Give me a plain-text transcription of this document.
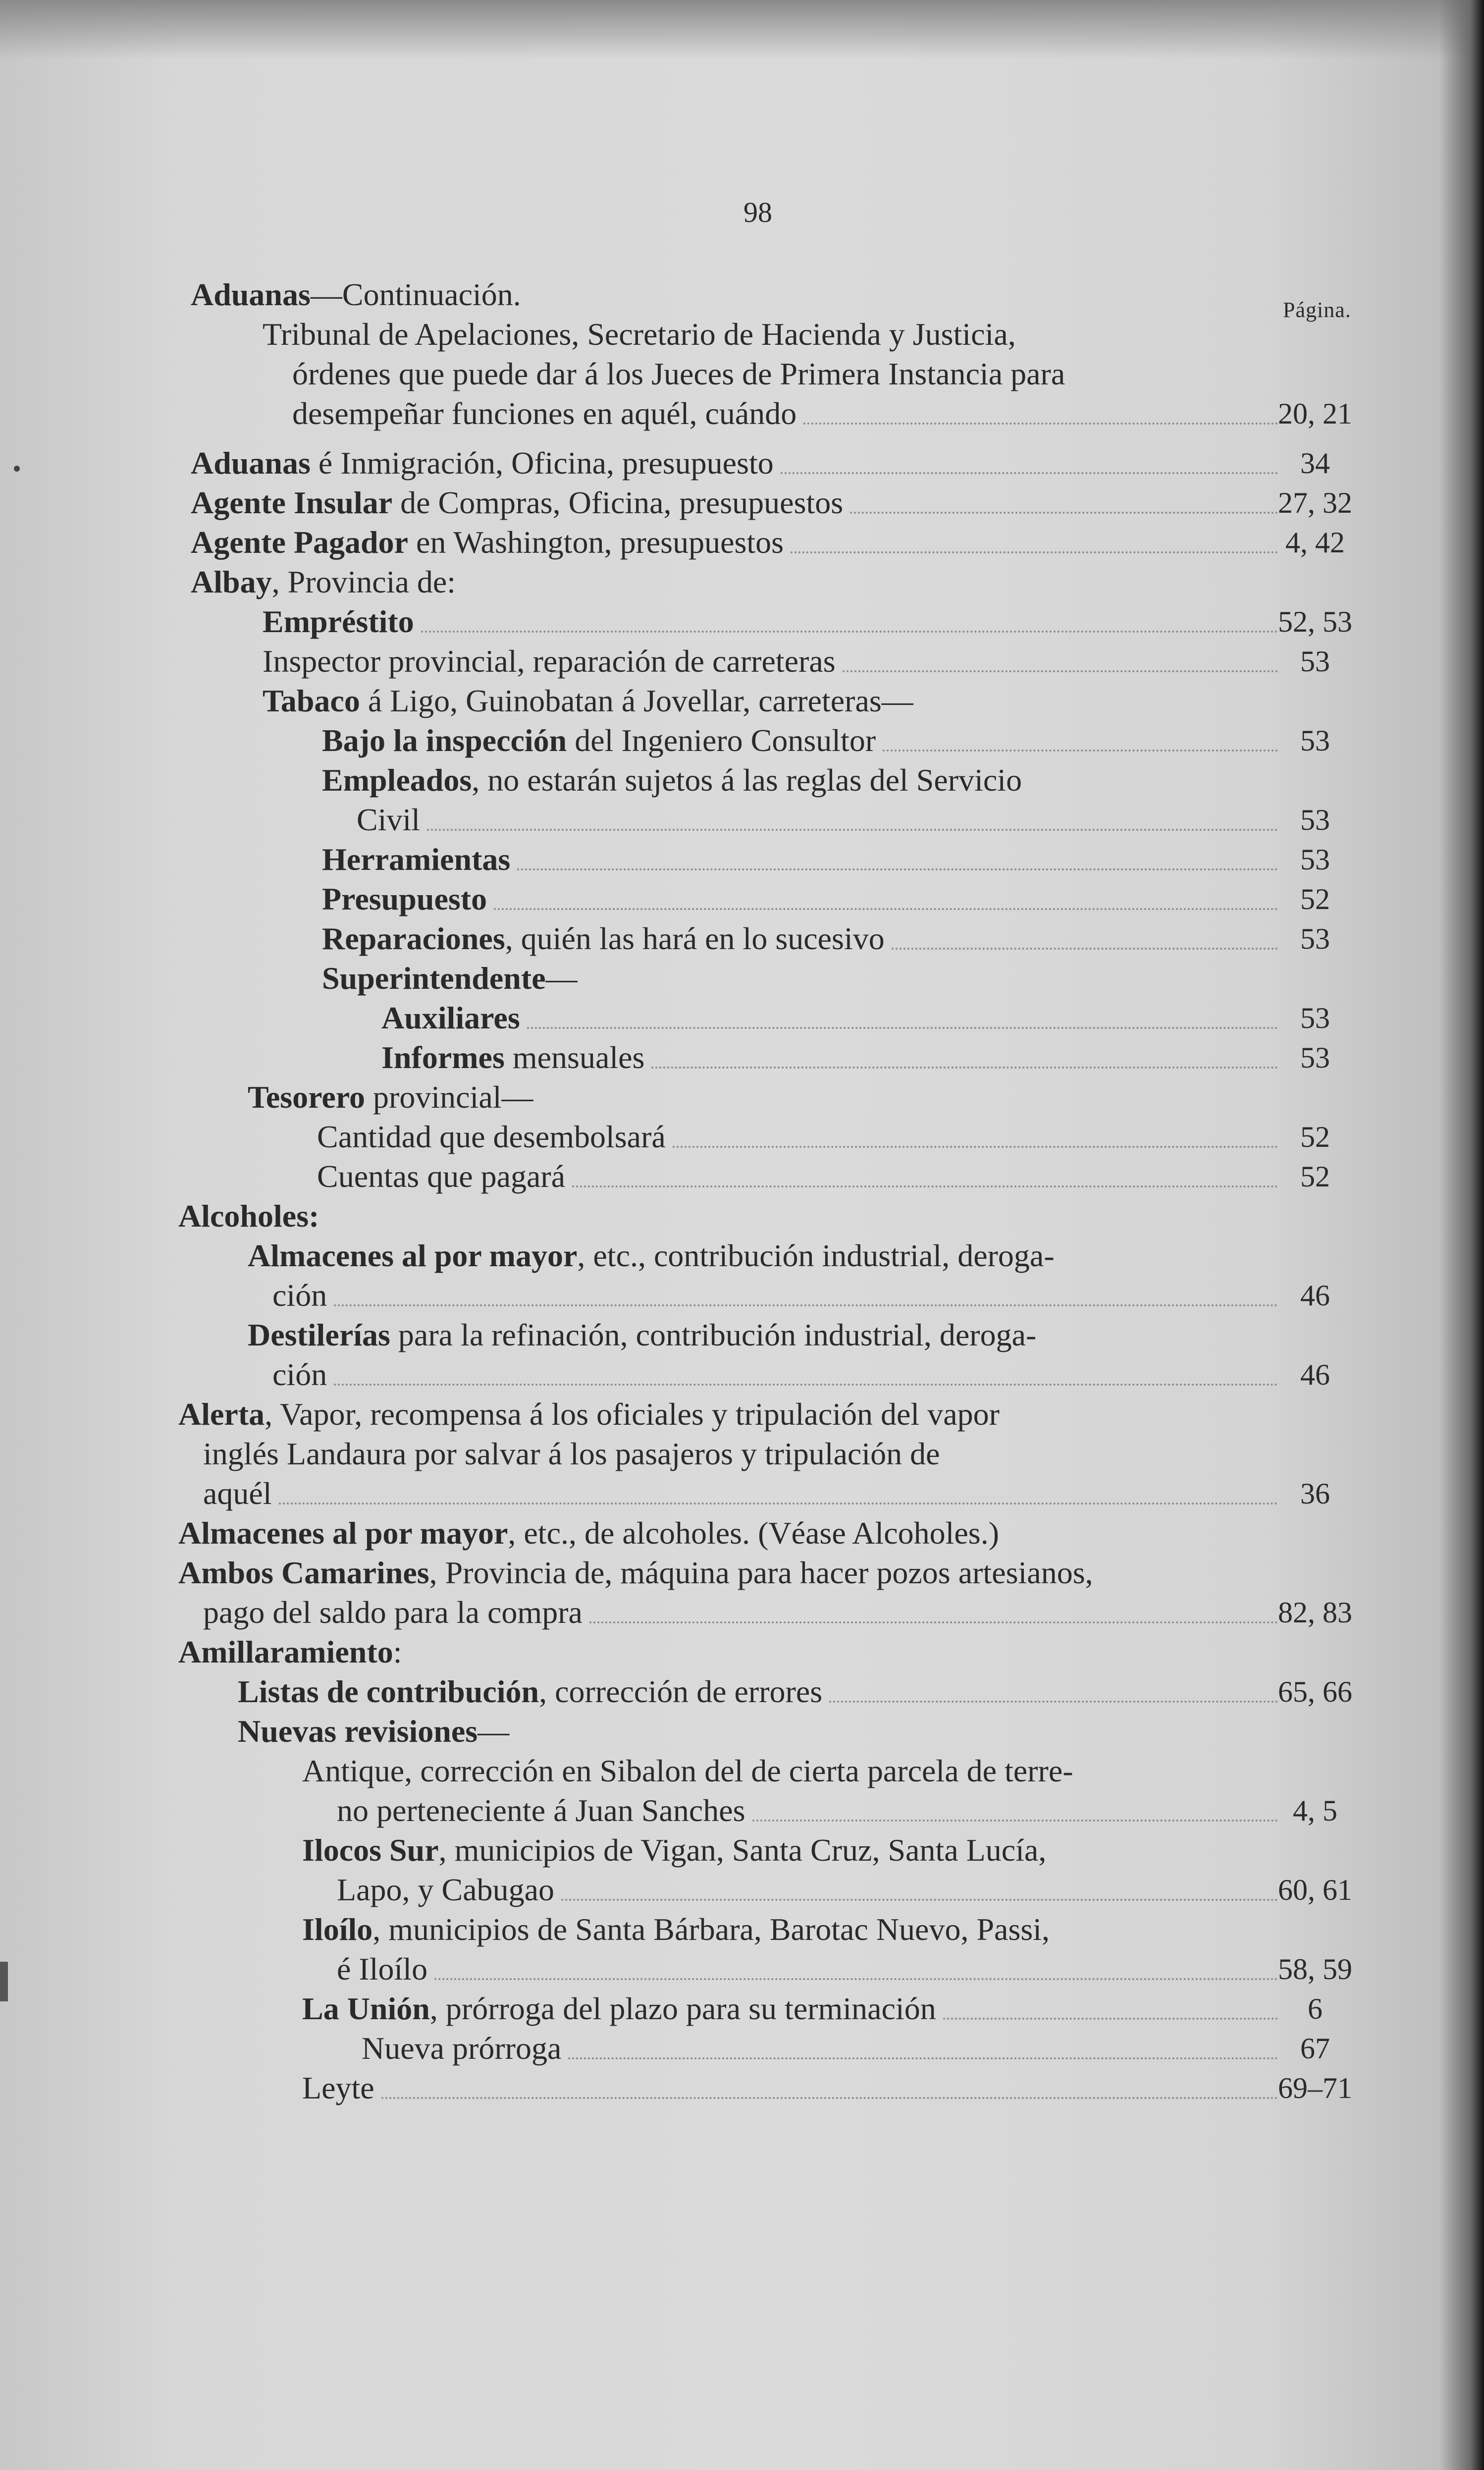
98
Página.
Aduanas—Continuación.
Tribunal de Apelaciones, Secretario de Hacienda y Justicia,
órdenes que puede dar á los Jueces de Primera Instancia para
desempeñar funciones en aquél, cuándo	20, 21
Aduanas é Inmigración, Oficina, presupuesto	34
Agente Insular de Compras, Oficina, presupuestos	27, 32
Agente Pagador en Washington, presupuestos	4, 42
Albay, Provincia de:
Empréstito	52, 53
Inspector provincial, reparación de carreteras	53
Tabaco á Ligo, Guinobatan á Jovellar, carreteras—
Bajo la inspección del Ingeniero Consultor	53
Empleados, no estarán sujetos á las reglas del Servicio
Civil	53
Herramientas	53
Presupuesto	52
Reparaciones, quién las hará en lo sucesivo	53
Superintendente—
Auxiliares	53
Informes mensuales	53
Tesorero provincial—
Cantidad que desembolsará	52
Cuentas que pagará	52
Alcoholes:
Almacenes al por mayor, etc., contribución industrial, deroga-
ción	46
Destilerías para la refinación, contribución industrial, deroga-
ción	46
Alerta, Vapor, recompensa á los oficiales y tripulación del vapor
inglés Landaura por salvar á los pasajeros y tripulación de
aquél	36
Almacenes al por mayor, etc., de alcoholes. (Véase Alcoholes.)
Ambos Camarines, Provincia de, máquina para hacer pozos artesianos,
pago del saldo para la compra	82, 83
Amillaramiento:
Listas de contribución, corrección de errores	65, 66
Nuevas revisiones—
Antique, corrección en Sibalon del de cierta parcela de terre-
no perteneciente á Juan Sanches	4, 5
Ilocos Sur, municipios de Vigan, Santa Cruz, Santa Lucía,
Lapo, y Cabugao	60, 61
Iloílo, municipios de Santa Bárbara, Barotac Nuevo, Passi,
é Iloílo	58, 59
La Unión, prórroga del plazo para su terminación	6
Nueva prórroga	67
Leyte	69–71
